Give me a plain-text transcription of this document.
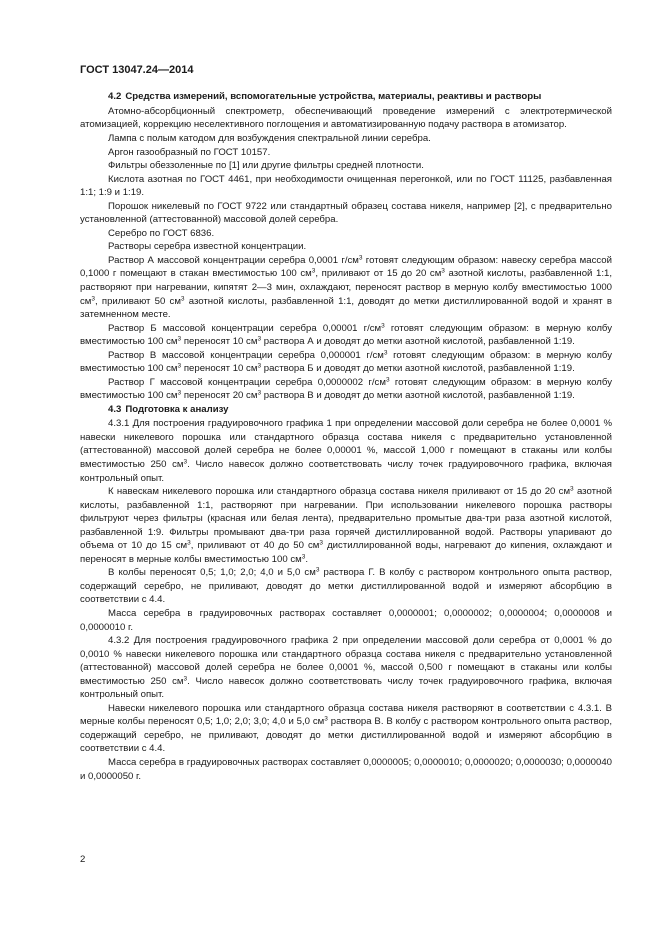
ГОСТ 13047.24—2014
4.2 Средства измерений, вспомогательные устройства, материалы, реактивы и растворы

Атомно-абсорбционный спектрометр, обеспечивающий проведение измерений с электротермической атомизацией, коррекцию неселективного поглощения и автоматизированную подачу раствора в атомизатор.

Лампа с полым катодом для возбуждения спектральной линии серебра.

Аргон газообразный по ГОСТ 10157.

Фильтры обеззоленные по [1] или другие фильтры средней плотности.

Кислота азотная по ГОСТ 4461, при необходимости очищенная перегонкой, или по ГОСТ 11125, разбавленная 1:1; 1:9 и 1:19.

Порошок никелевый по ГОСТ 9722 или стандартный образец состава никеля, например [2], с предварительно установленной (аттестованной) массовой долей серебра.

Серебро по ГОСТ 6836.

Растворы серебра известной концентрации.

Раствор А массовой концентрации серебра 0,0001 $г/см^3$ готовят следующим образом: навеску серебра массой 0,1000 г помещают в стакан вместимостью 100 $см^3$, приливают от 15 до 20 $см^3$ азотной кислоты, разбавленной 1:1, растворяют при нагревании, кипятят 2—3 мин, охлаждают, переносят раствор в мерную колбу вместимостью 1000 $см^3$, приливают 50 $см^3$ азотной кислоты, разбавленной 1:1, доводят до метки дистиллированной водой и хранят в затемненном месте.

Раствор Б массовой концентрации серебра 0,00001 $г/см^3$ готовят следующим образом: в мерную колбу вместимостью 100 $см^3$ переносят 10 $см^3$ раствора А и доводят до метки азотной кислотой, разбавленной 1:19.

Раствор В массовой концентрации серебра 0,000001 $г/см^3$ готовят следующим образом: в мерную колбу вместимостью 100 $см^3$ переносят 10 $см^3$ раствора Б и доводят до метки азотной кислотой, разбавленной 1:19.

Раствор Г массовой концентрации серебра 0,0000002 $г/см^3$ готовят следующим образом: в мерную колбу вместимостью 100 $см^3$ переносят 20 $см^3$ раствора В и доводят до метки азотной кислотой, разбавленной 1:19.

4.3 Подготовка к анализу

4.3.1 Для построения градуировочного графика 1 при определении массовой доли серебра не более 0,0001 % навески никелевого порошка или стандартного образца состава никеля с предварительно установленной (аттестованной) массовой долей серебра не более 0,00001 %, массой 1,000 г помещают в стаканы или колбы вместимостью 250 $см^3$. Число навесок должно соответствовать числу точек градуировочного графика, включая контрольный опыт.

К навескам никелевого порошка или стандартного образца состава никеля приливают от 15 до 20 $см^3$ азотной кислоты, разбавленной 1:1, растворяют при нагревании. При использовании никелевого порошка растворы фильтруют через фильтры (красная или белая лента), предварительно промытые два-три раза азотной кислотой, разбавленной 1:9. Фильтры промывают два-три раза горячей дистиллированной водой. Растворы упаривают до объема от 10 до 15 $см^3$, приливают от 40 до 50 $см^3$ дистиллированной воды, нагревают до кипения, охлаждают и переносят в мерные колбы вместимостью 100 $см^3$.

В колбы переносят 0,5; 1,0; 2,0; 4,0 и 5,0 $см^3$ раствора Г. В колбу с раствором контрольного опыта раствор, содержащий серебро, не приливают, доводят до метки дистиллированной водой и измеряют абсорбцию в соответствии с 4.4.

Масса серебра в градуировочных растворах составляет 0,0000001; 0,0000002; 0,0000004; 0,0000008 и 0,0000010 г.

4.3.2 Для построения градуировочного графика 2 при определении массовой доли серебра от 0,0001 % до 0,0010 % навески никелевого порошка или стандартного образца состава никеля с предварительно установленной (аттестованной) массовой долей серебра не более 0,0001 %, массой 0,500 г помещают в стаканы или колбы вместимостью 250 $см^3$. Число навесок должно соответствовать числу точек градуировочного графика, включая контрольный опыт.

Навески никелевого порошка или стандартного образца состава никеля растворяют в соответствии с 4.3.1. В мерные колбы переносят 0,5; 1,0; 2,0; 3,0; 4,0 и 5,0 $см^3$ раствора В. В колбу с раствором контрольного опыта раствор, содержащий серебро, не приливают, доводят до метки дистиллированной водой и измеряют абсорбцию в соответствии с 4.4.

Масса серебра в градуировочных растворах составляет 0,0000005; 0,0000010; 0,0000020; 0,0000030; 0,0000040 и 0,0000050 г.

2
